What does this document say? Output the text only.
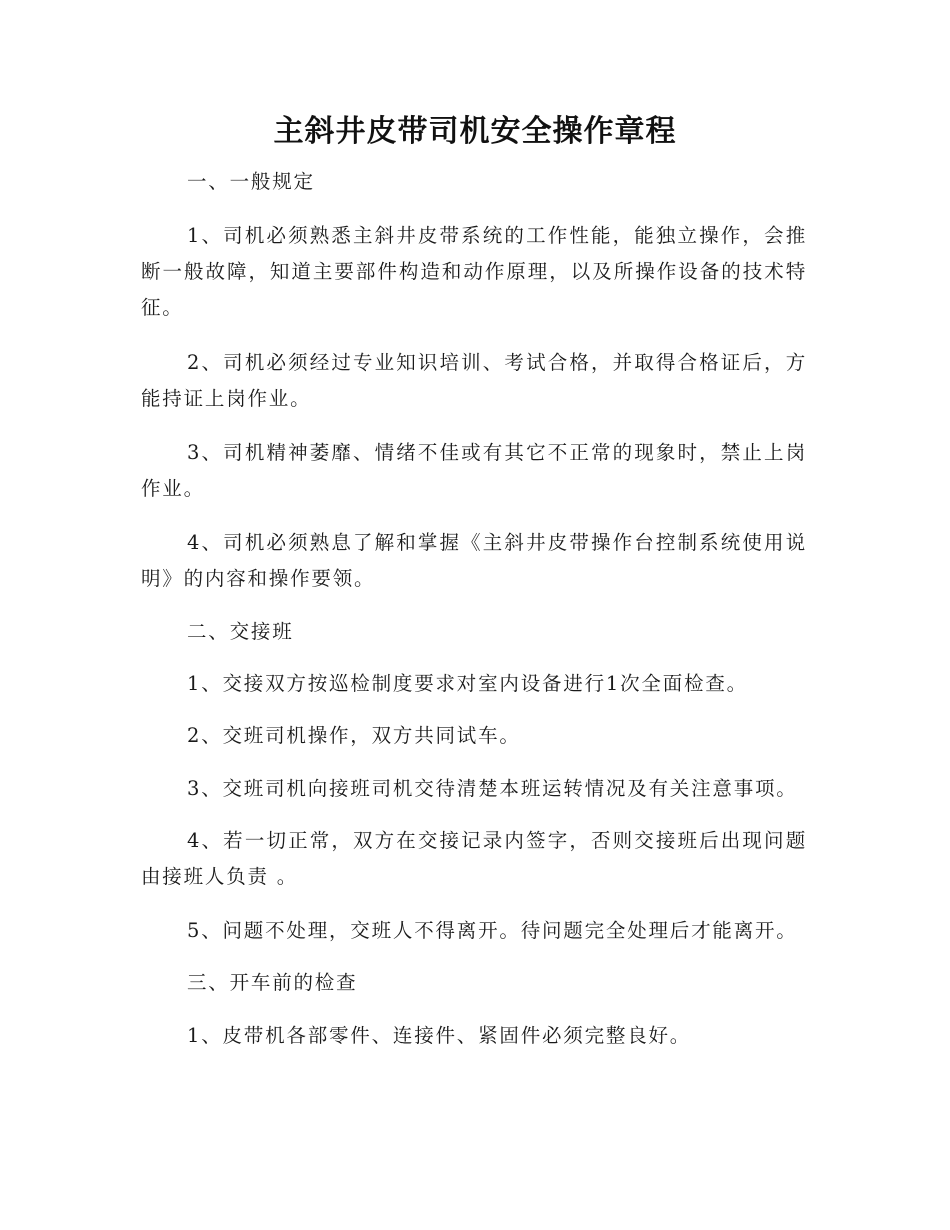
主斜井皮带司机安全操作章程
一、一般规定
1、司机必须熟悉主斜井皮带系统的工作性能，能独立操作，会推断一般故障，知道主要部件构造和动作原理，以及所操作设备的技术特征。
2、司机必须经过专业知识培训、考试合格，并取得合格证后，方能持证上岗作业。
3、司机精神萎靡、情绪不佳或有其它不正常的现象时，禁止上岗作业。
4、司机必须熟息了解和掌握《主斜井皮带操作台控制系统使用说明》的内容和操作要领。
二、交接班
1、交接双方按巡检制度要求对室内设备进行1次全面检查。
2、交班司机操作，双方共同试车。
3、交班司机向接班司机交待清楚本班运转情况及有关注意事项。
4、若一切正常，双方在交接记录内签字，否则交接班后出现问题由接班人负责 。
5、问题不处理，交班人不得离开。待问题完全处理后才能离开。
三、开车前的检查
1、皮带机各部零件、连接件、紧固件必须完整良好。
